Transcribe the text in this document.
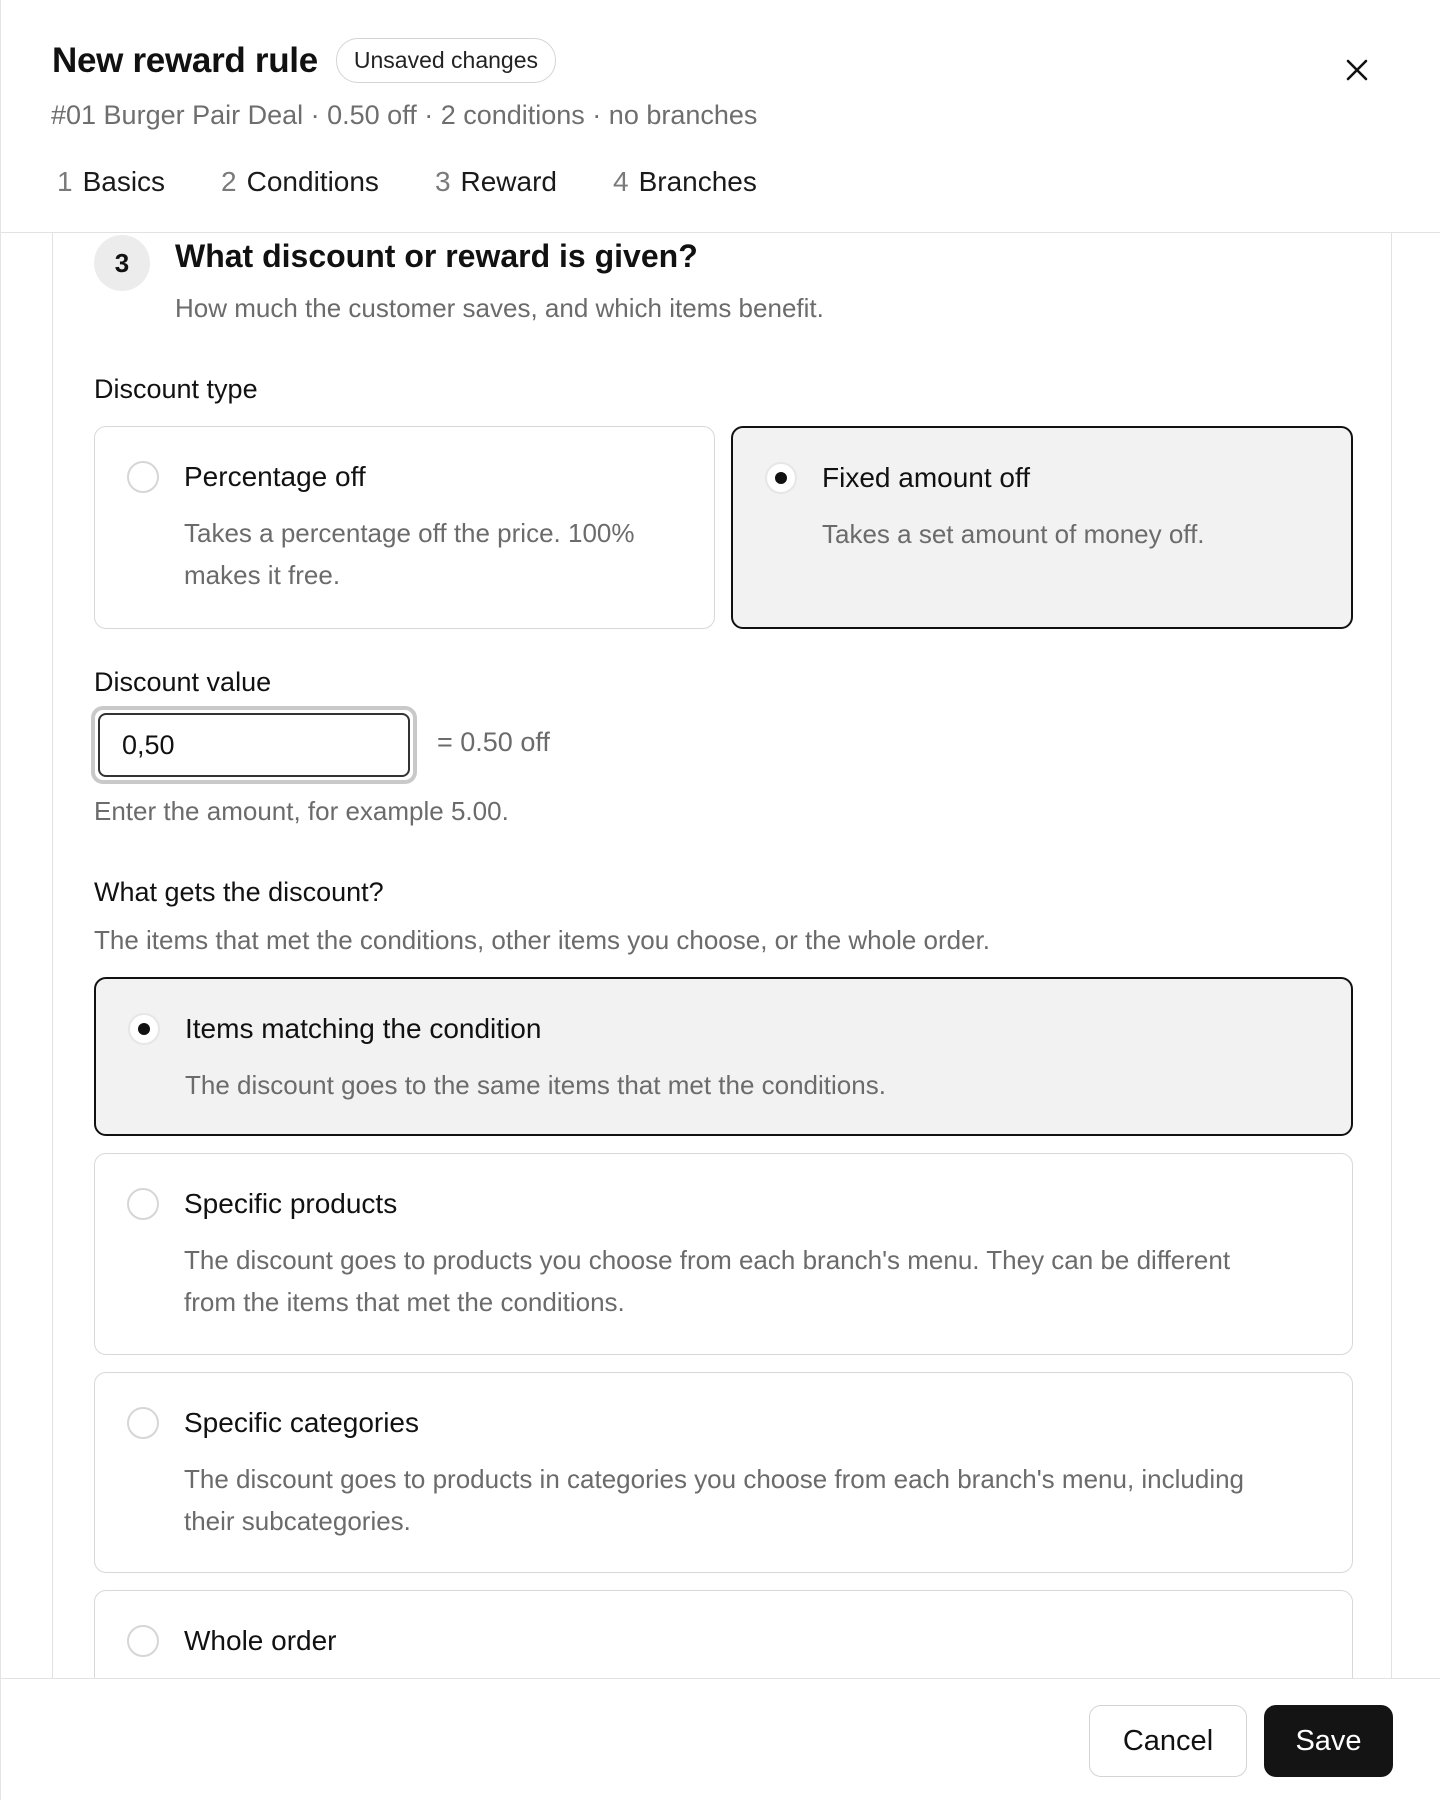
New reward rule	Unsaved changes
#01 Burger Pair Deal · 0.50 off · 2 conditions · no branches
1 Basics 2 Conditions 3 Reward 4 Branches
3	What discount or reward is given?
How much the customer saves, and which items benefit.
Discount type
Percentage off
Takes a percentage off the price. 100% makes it free.
Fixed amount off
Takes a set amount of money off.
Discount value
0,50
= 0.50 off
Enter the amount, for example 5.00.
What gets the discount?
The items that met the conditions, other items you choose, or the whole order.
Items matching the condition
The discount goes to the same items that met the conditions.
Specific products
The discount goes to products you choose from each branch's menu. They can be different from the items that met the conditions.
Specific categories
The discount goes to products in categories you choose from each branch's menu, including their subcategories.
Whole order
Cancel	Save
